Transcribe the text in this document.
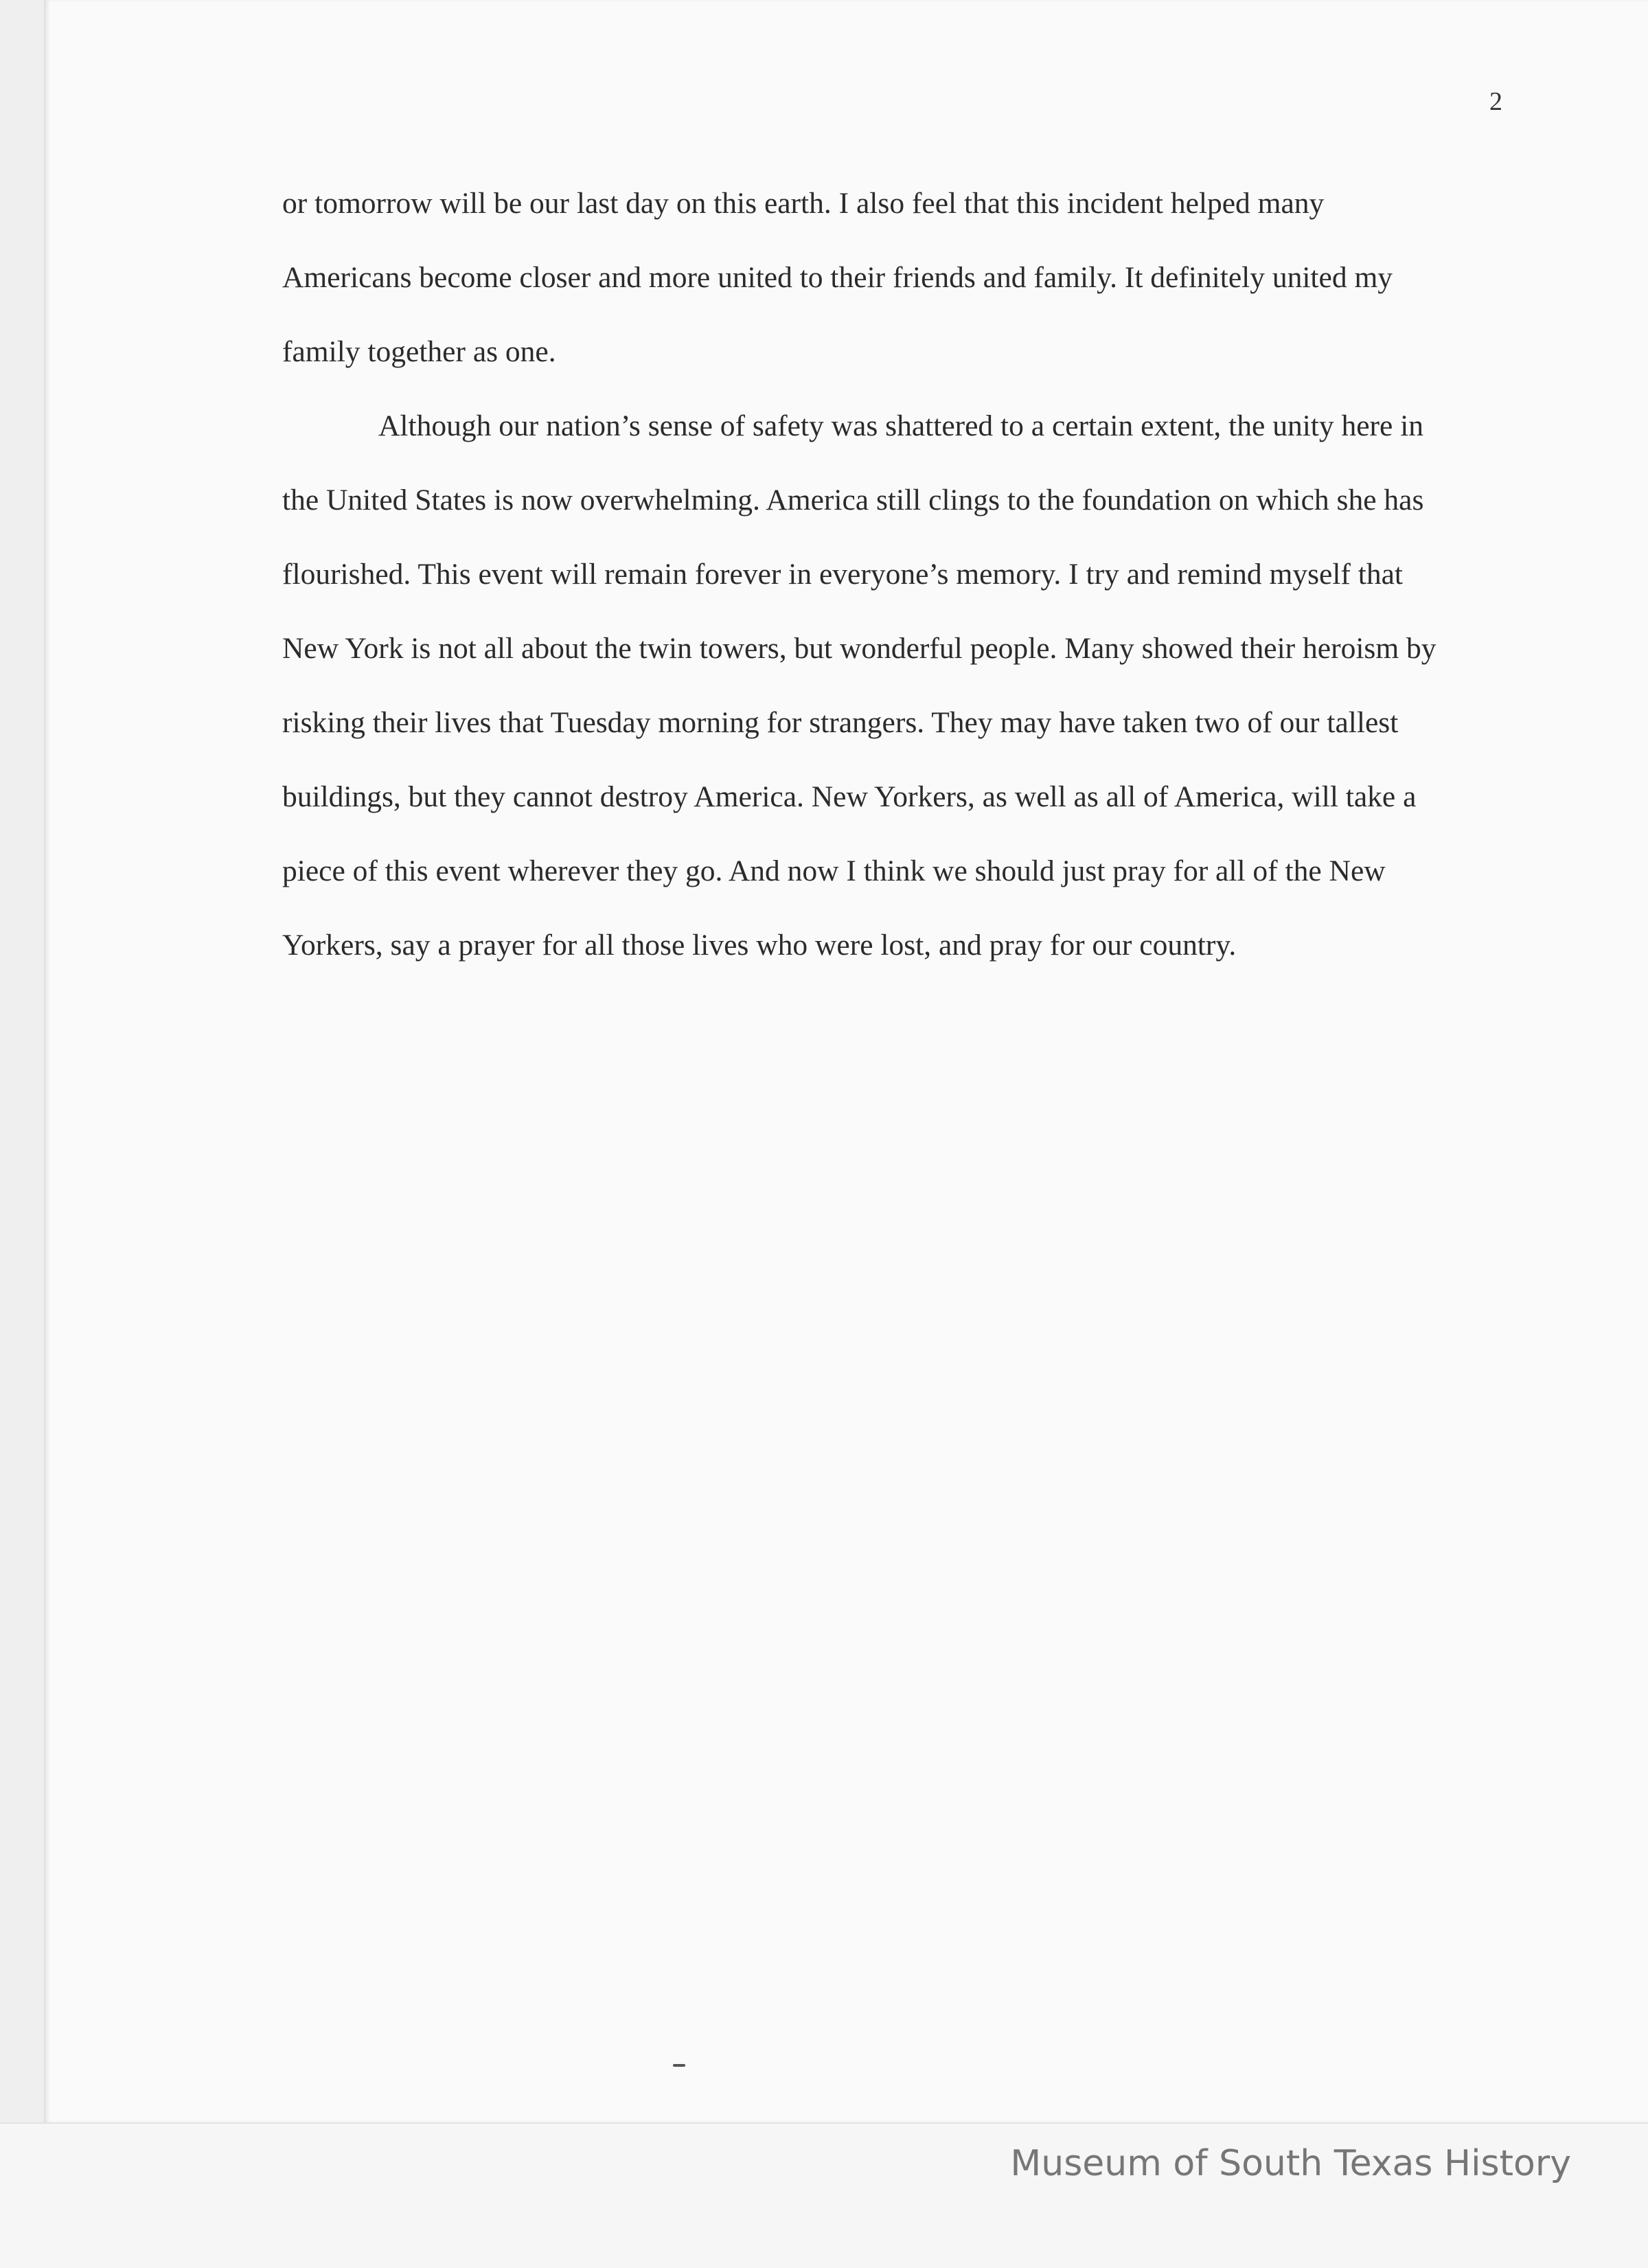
2
or tomorrow will be our last day on this earth. I also feel that this incident helped many
Americans become closer and more united to their friends and family. It definitely united my
family together as one.
Although our nation’s sense of safety was shattered to a certain extent, the unity here in
the United States is now overwhelming. America still clings to the foundation on which she has
flourished. This event will remain forever in everyone’s memory. I try and remind myself that
New York is not all about the twin towers, but wonderful people. Many showed their heroism by
risking their lives that Tuesday morning for strangers. They may have taken two of our tallest
buildings, but they cannot destroy America. New Yorkers, as well as all of America, will take a
piece of this event wherever they go. And now I think we should just pray for all of the New
Yorkers, say a prayer for all those lives who were lost, and pray for our country.
Museum of South Texas History
